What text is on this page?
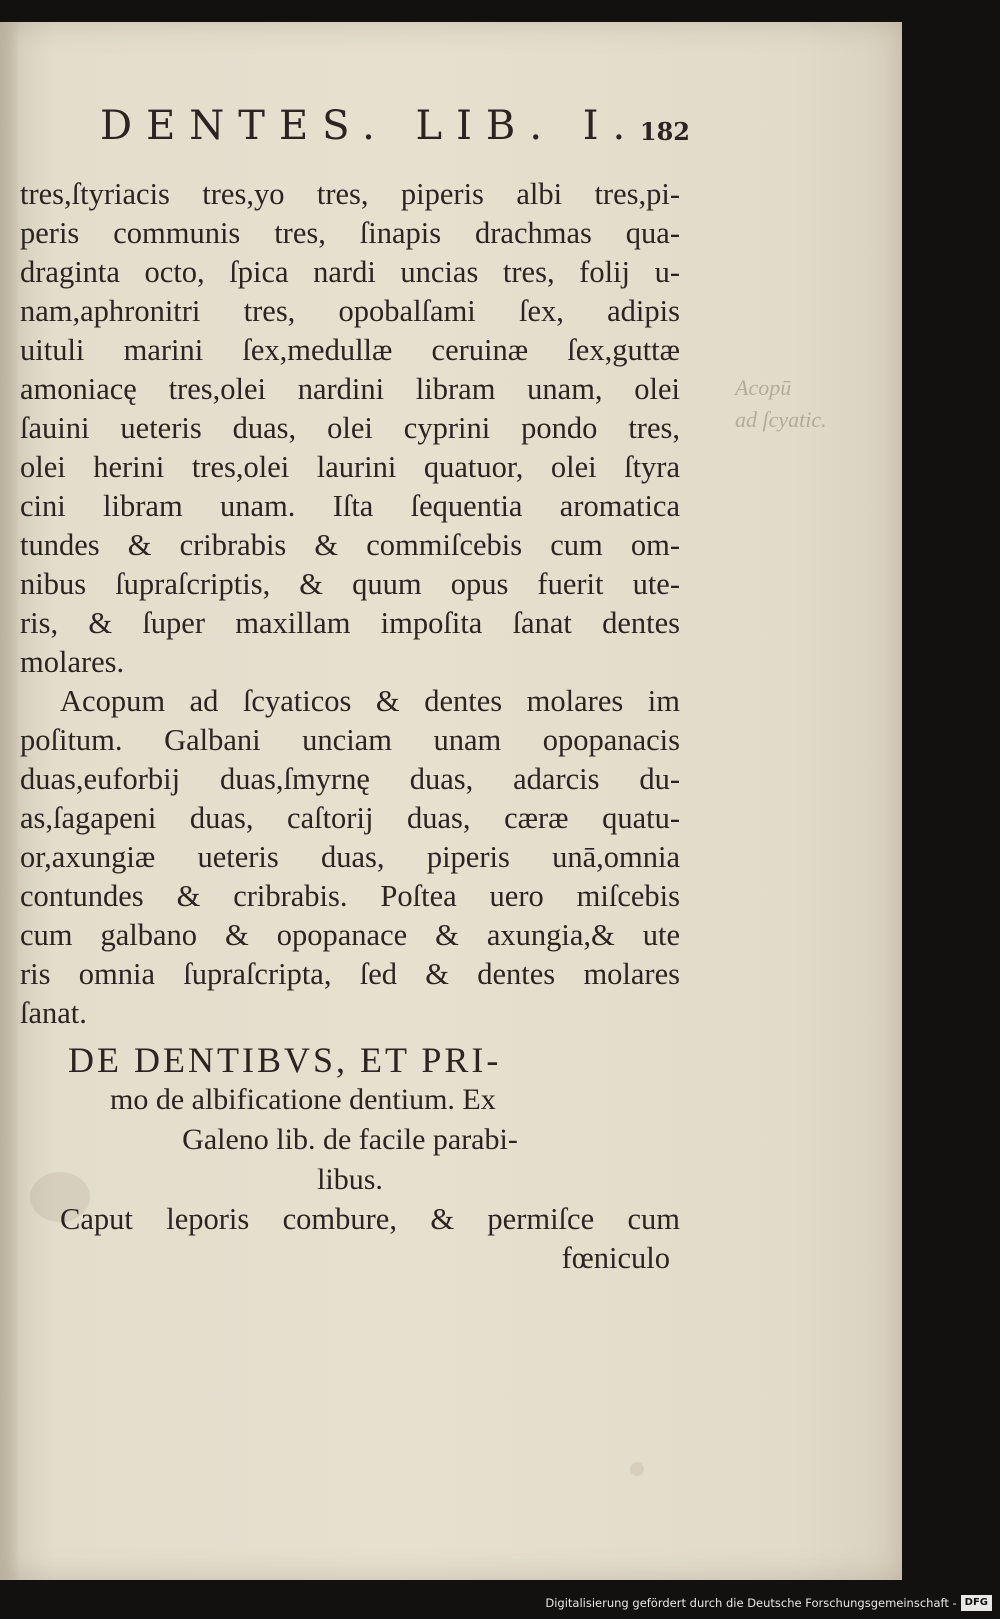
DENTES. LIB. I. 182
Acopū
ad ſcyatic.
tres,ſtyriacis tres,yo tres, piperis albi tres,pi-
peris communis tres, ſinapis drachmas qua-
draginta octo, ſpica nardi uncias tres, folij u-
nam,aphronitri tres, opobalſami ſex, adipis
uituli marini ſex,medullæ ceruinæ ſex,guttæ
amoniacę tres,olei nardini libram unam, olei
ſauini ueteris duas, olei cyprini pondo tres,
olei herini tres,olei laurini quatuor, olei ſtyra
cini libram unam. Iſta ſequentia aromatica
tundes & cribrabis & commiſcebis cum om-
nibus ſupraſcriptis, & quum opus fuerit ute-
ris, & ſuper maxillam impoſita ſanat dentes
molares.
Acopum ad ſcyaticos & dentes molares im
poſitum. Galbani unciam unam opopanacis
duas,euforbij duas,ſmyrnę duas, adarcis du-
as,ſagapeni duas, caſtorij duas, cæræ quatu-
or,axungiæ ueteris duas, piperis unā,omnia
contundes & cribrabis. Poſtea uero miſcebis
cum galbano & opopanace & axungia,& ute
ris omnia ſupraſcripta, ſed & dentes molares
ſanat.
DE DENTIBVS, ET PRI-
mo de albificatione dentium. Ex
Galeno lib. de facile parabi-
libus.
Caput leporis combure, & permiſce cum
fœniculo
Digitalisierung gefördert durch die Deutsche Forschungsgemeinschaft - DFG
